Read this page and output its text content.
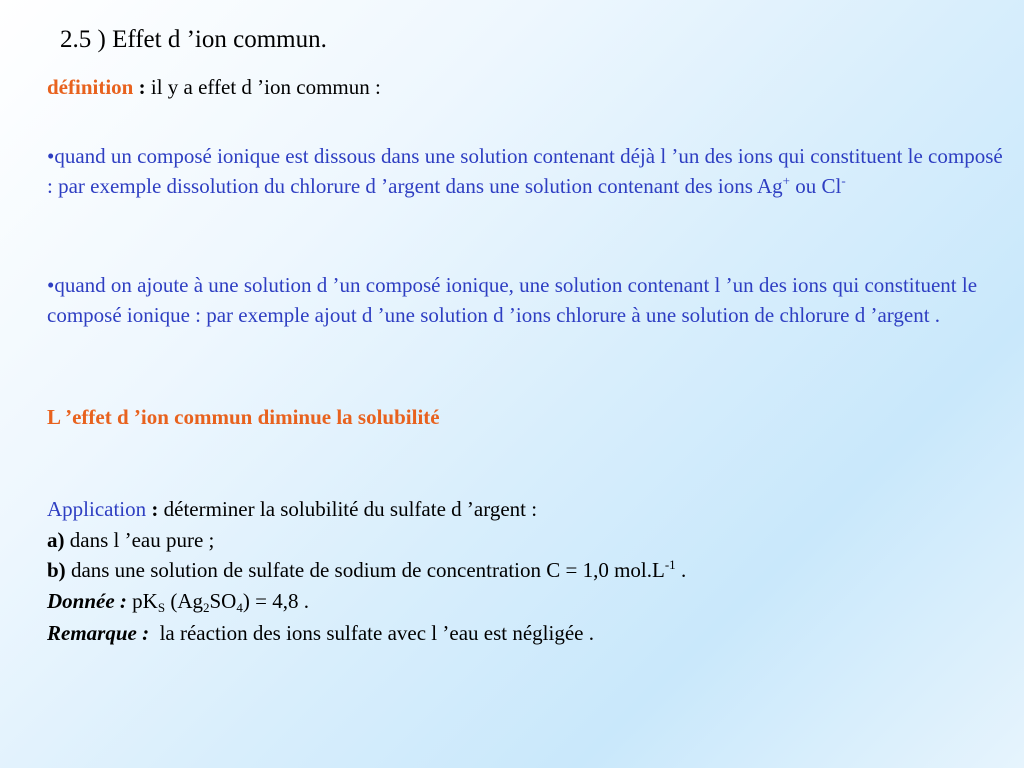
2.5 ) Effet d ’ion commun.
définition : il y a effet d ’ion commun :
•quand un composé ionique est dissous dans une solution contenant déjà l ’un des ions qui constituent le composé : par exemple dissolution du chlorure d ’argent dans une solution contenant des ions Ag+ ou Cl-
•quand on ajoute à une solution d ’un composé ionique, une solution contenant l ’un des ions qui constituent le composé ionique : par exemple ajout d ’une solution d ’ions chlorure à une solution de chlorure d ’argent .
L ’effet d ’ion commun diminue la solubilité
Application : déterminer la solubilité du sulfate d ’argent :
a) dans l ’eau pure ;
b) dans une solution de sulfate de sodium de concentration C = 1,0 $mol.L^{-1}$ .
Donnée : $pK_S$ $(Ag_2SO_4) = 4,8$ .
Remarque :  la réaction des ions sulfate avec l ’eau est négligée .
